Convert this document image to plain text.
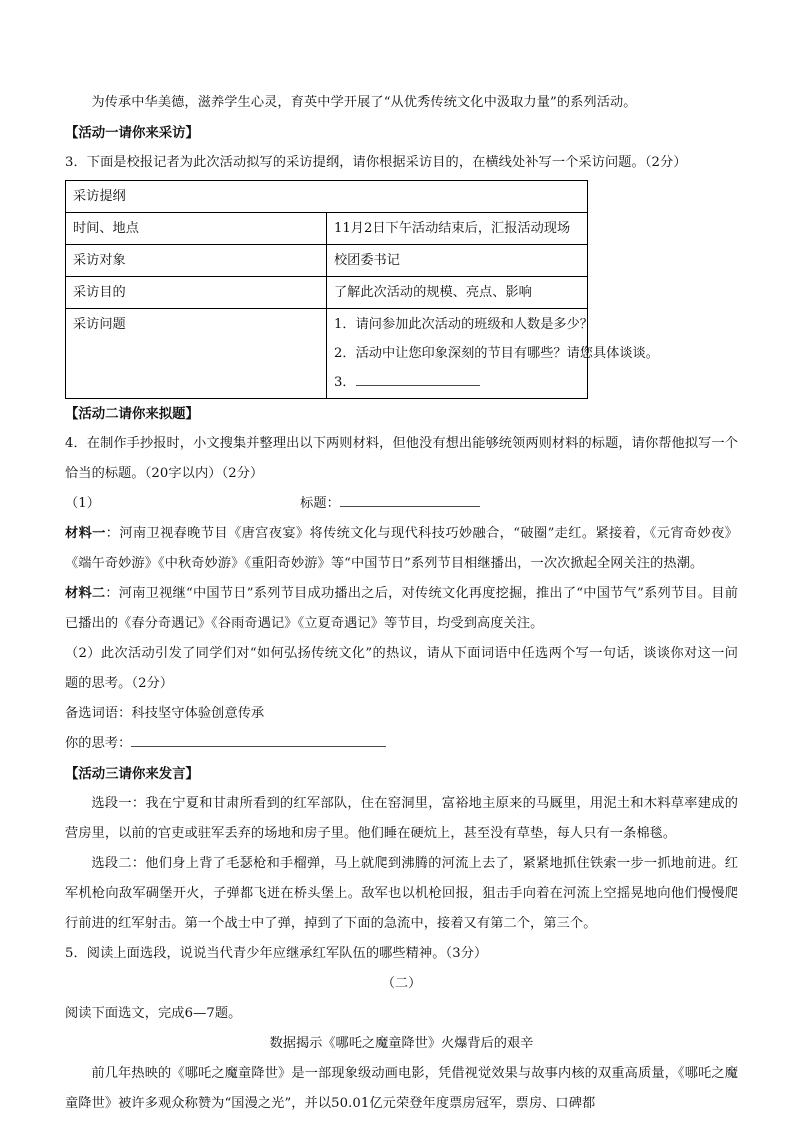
为传承中华美德，滋养学生心灵，育英中学开展了“从优秀传统文化中汲取力量”的系列活动。

【活动一请你来采访】

3．下面是校报记者为此次活动拟写的采访提纲，请你根据采访目的，在横线处补写一个采访问题。（2分）

采访提纲	
时间、地点	11月2日下午活动结束后，汇报活动现场
采访对象	校团委书记
采访目的	了解此次活动的规模、亮点、影响
采访问题	1．请问参加此次活动的班级和人数是多少？
2．活动中让您印象深刻的节目有哪些？请您具体谈谈。
3．

【活动二请你来拟题】

4．在制作手抄报时，小文搜集并整理出以下两则材料，但他没有想出能够统领两则材料的标题，请你帮他拟写一个恰当的标题。（20字以内）（2分）

（1）	标题：

材料一：河南卫视春晚节目《唐宫夜宴》将传统文化与现代科技巧妙融合，“破圈”走红。紧接着，《元宵奇妙夜》《端午奇妙游》《中秋奇妙游》《重阳奇妙游》等“中国节日”系列节目相继播出，一次次掀起全网关注的热潮。

材料二：河南卫视继“中国节日”系列节目成功播出之后，对传统文化再度挖掘，推出了“中国节气”系列节目。目前已播出的《春分奇遇记》《谷雨奇遇记》《立夏奇遇记》等节目，均受到高度关注。

（2）此次活动引发了同学们对“如何弘扬传统文化”的热议，请从下面词语中任选两个写一句话，谈谈你对这一问题的思考。（2分）

备选词语：科技坚守体验创意传承

你的思考：

【活动三请你来发言】

选段一：我在宁夏和甘肃所看到的红军部队，住在窑洞里，富裕地主原来的马厩里，用泥土和木料草率建成的营房里，以前的官吏或驻军丢弃的场地和房子里。他们睡在硬炕上，甚至没有草垫，每人只有一条棉毯。

选段二：他们身上背了毛瑟枪和手榴弹，马上就爬到沸腾的河流上去了，紧紧地抓住铁索一步一抓地前进。红军机枪向敌军碉堡开火，子弹都飞迸在桥头堡上。敌军也以机枪回报，狙击手向着在河流上空摇晃地向他们慢慢爬行前进的红军射击。第一个战士中了弹，掉到了下面的急流中，接着又有第二个，第三个。

5．阅读上面选段，说说当代青少年应继承红军队伍的哪些精神。（3分）

（二）

阅读下面选文，完成6—7题。

数据揭示《哪吒之魔童降世》火爆背后的艰辛

前几年热映的《哪吒之魔童降世》是一部现象级动画电影，凭借视觉效果与故事内核的双重高质量，《哪吒之魔童降世》被许多观众称赞为“国漫之光”，并以50.01亿元荣登年度票房冠军，票房、口碑都
